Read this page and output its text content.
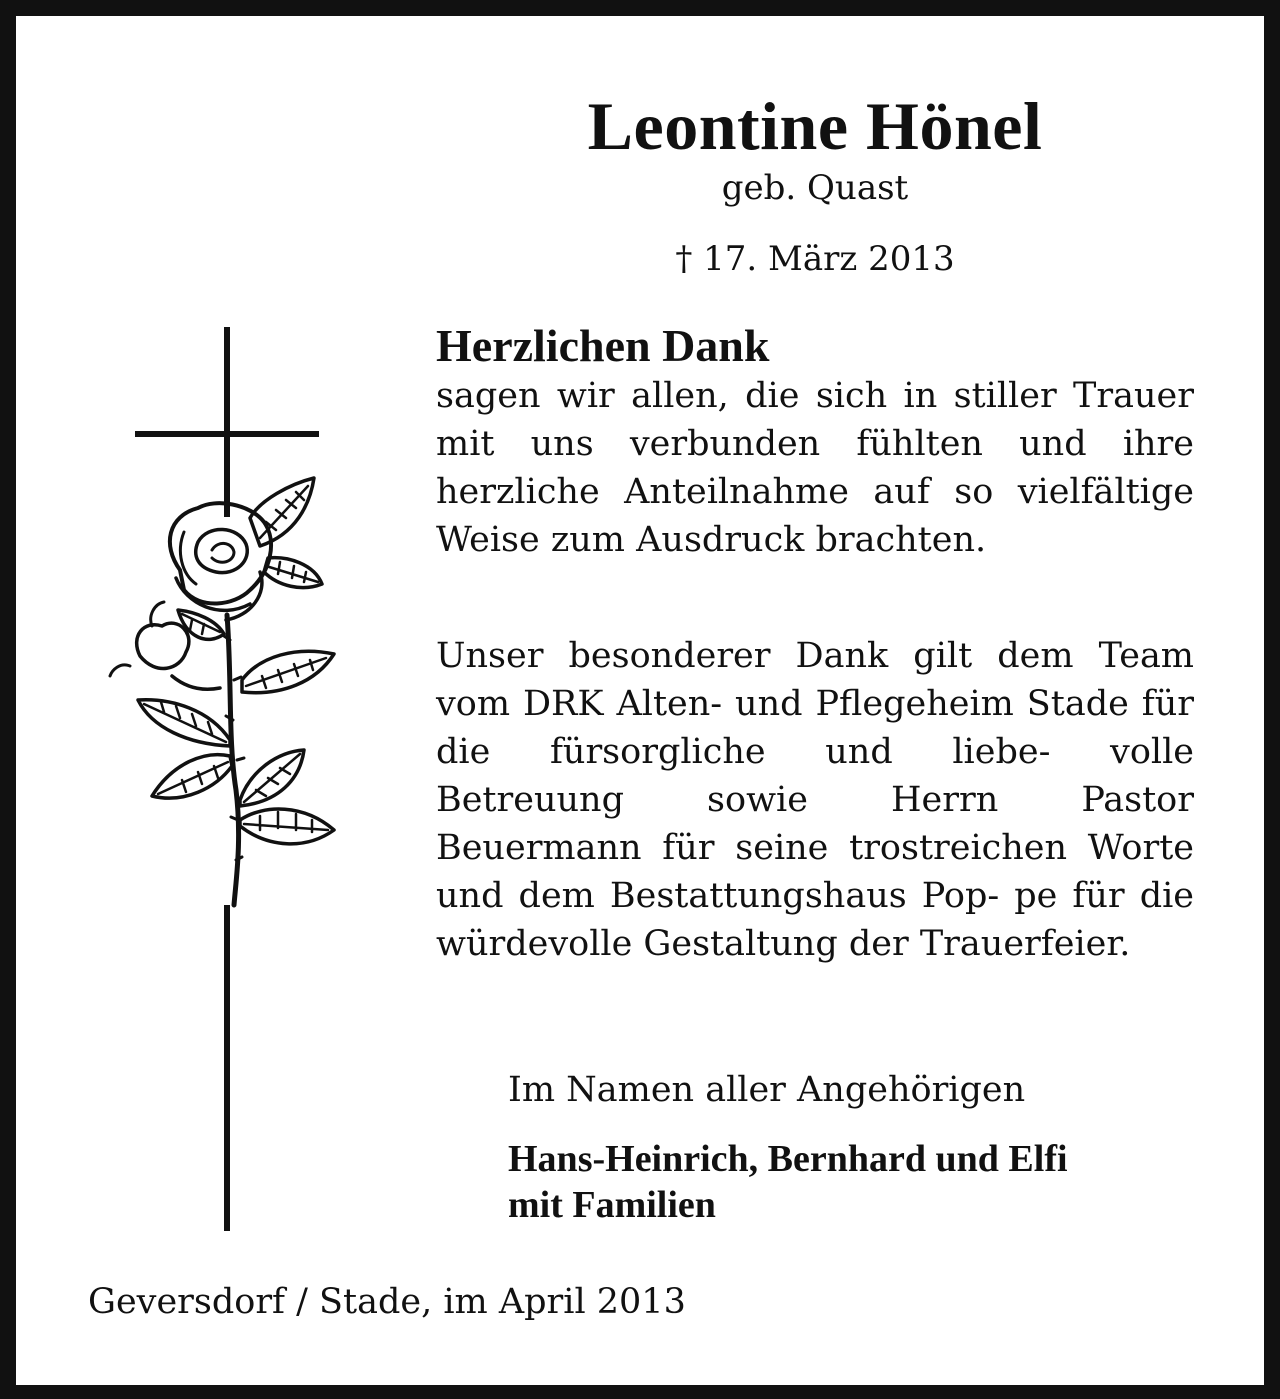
Leontine Hönel
geb. Quast
† 17. März 2013
Herzlichen Dank

sagen wir allen, die sich in stiller Trauer mit uns verbunden fühlten und ihre herzliche Anteilnahme auf so vielfältige Weise zum Ausdruck brachten.

Unser besonderer Dank gilt dem Team vom DRK Alten- und Pflegeheim Stade für die fürsorgliche und liebe- volle Betreuung sowie Herrn Pastor Beuermann für seine trostreichen Worte und dem Bestattungshaus Pop- pe für die würdevolle Gestaltung der Trauerfeier.

Im Namen aller Angehörigen
Hans-Heinrich, Bernhard und Elfi
mit Familien
Geversdorf / Stade, im April 2013
